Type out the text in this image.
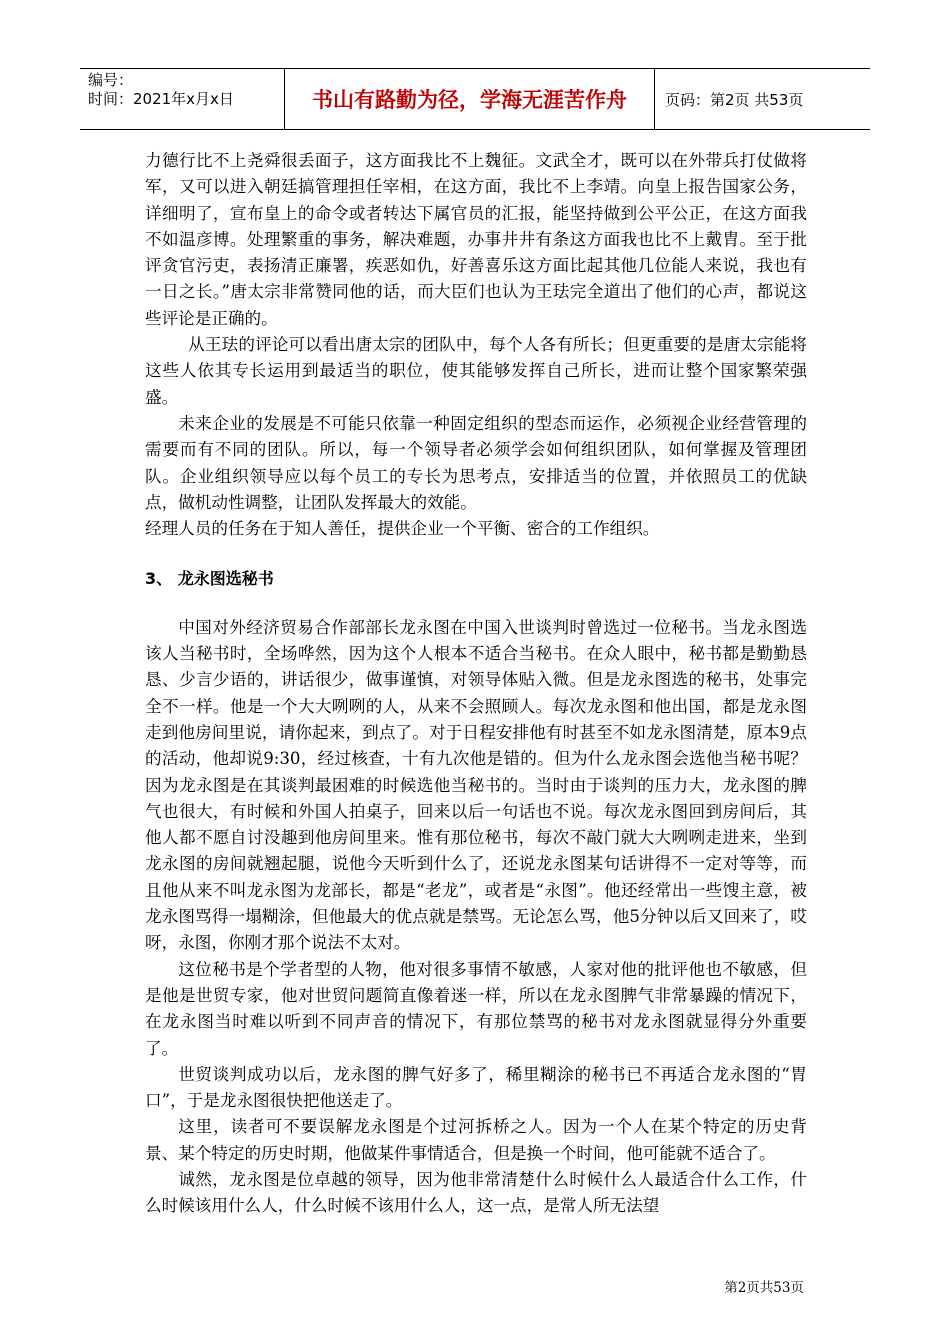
编号：
时间：2021年x月x日	书山有路勤为径，学海无涯苦作舟	页码：第2页 共53页

力德行比不上尧舜很丢面子，这方面我比不上魏征。文武全才，既可以在外带兵打仗做将军，又可以进入朝廷搞管理担任宰相，在这方面，我比不上李靖。向皇上报告国家公务，详细明了，宣布皇上的命令或者转达下属官员的汇报，能坚持做到公平公正，在这方面我不如温彦博。处理繁重的事务，解决难题，办事井井有条这方面我也比不上戴胄。至于批评贪官污吏，表扬清正廉署，疾恶如仇，好善喜乐这方面比起其他几位能人来说，我也有一日之长。”唐太宗非常赞同他的话，而大臣们也认为王珐完全道出了他们的心声，都说这些评论是正确的。

从王珐的评论可以看出唐太宗的团队中，每个人各有所长；但更重要的是唐太宗能将这些人依其专长运用到最适当的职位，使其能够发挥自己所长，进而让整个国家繁荣强盛。

未来企业的发展是不可能只依靠一种固定组织的型态而运作，必须视企业经营管理的需要而有不同的团队。所以，每一个领导者必须学会如何组织团队，如何掌握及管理团队。企业组织领导应以每个员工的专长为思考点，安排适当的位置，并依照员工的优缺点，做机动性调整，让团队发挥最大的效能。

经理人员的任务在于知人善任，提供企业一个平衡、密合的工作组织。

3、 龙永图选秘书

中国对外经济贸易合作部部长龙永图在中国入世谈判时曾选过一位秘书。当龙永图选该人当秘书时，全场哗然，因为这个人根本不适合当秘书。在众人眼中，秘书都是勤勤恳恳、少言少语的，讲话很少，做事谨慎，对领导体贴入微。但是龙永图选的秘书，处事完全不一样。他是一个大大咧咧的人，从来不会照顾人。每次龙永图和他出国，都是龙永图走到他房间里说，请你起来，到点了。对于日程安排他有时甚至不如龙永图清楚，原本9点的活动，他却说9:30，经过核查，十有九次他是错的。但为什么龙永图会选他当秘书呢？因为龙永图是在其谈判最困难的时候选他当秘书的。当时由于谈判的压力大，龙永图的脾气也很大，有时候和外国人拍桌子，回来以后一句话也不说。每次龙永图回到房间后，其他人都不愿自讨没趣到他房间里来。惟有那位秘书，每次不敲门就大大咧咧走进来，坐到龙永图的房间就翘起腿，说他今天听到什么了，还说龙永图某句话讲得不一定对等等，而且他从来不叫龙永图为龙部长，都是“老龙”，或者是“永图”。他还经常出一些馊主意，被龙永图骂得一塌糊涂，但他最大的优点就是禁骂。无论怎么骂，他5分钟以后又回来了，哎呀，永图，你刚才那个说法不太对。

这位秘书是个学者型的人物，他对很多事情不敏感，人家对他的批评他也不敏感，但是他是世贸专家，他对世贸问题简直像着迷一样，所以在龙永图脾气非常暴躁的情况下，在龙永图当时难以听到不同声音的情况下，有那位禁骂的秘书对龙永图就显得分外重要了。

世贸谈判成功以后，龙永图的脾气好多了，稀里糊涂的秘书已不再适合龙永图的“胃口”，于是龙永图很快把他送走了。

这里，读者可不要误解龙永图是个过河拆桥之人。因为一个人在某个特定的历史背景、某个特定的历史时期，他做某件事情适合，但是换一个时间，他可能就不适合了。

诚然，龙永图是位卓越的领导，因为他非常清楚什么时候什么人最适合什么工作，什么时候该用什么人，什么时候不该用什么人，这一点，是常人所无法望

第2页共53页
